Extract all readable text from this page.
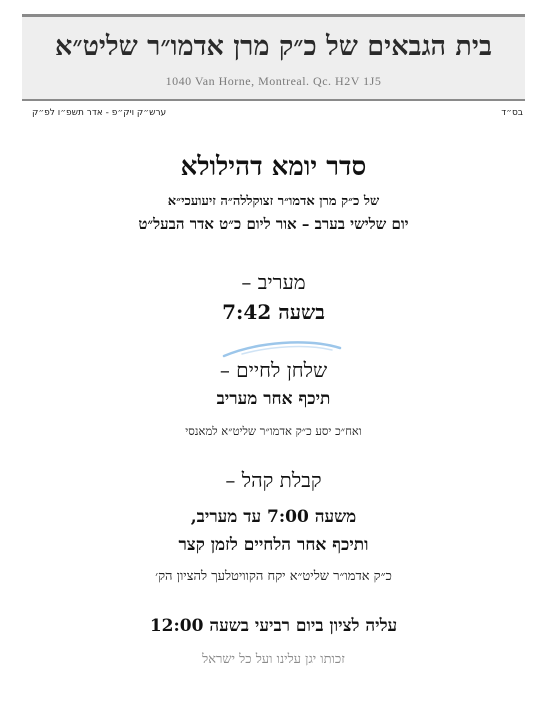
בית הגבאים של כ״ק מרן אדמו״ר שליט״א
1040 Van Horne, Montreal. Qc. H2V 1J5
ערש״ק ויק״פ - אדר תשפ״ו לפ״ק	בס״ד
סדר יומא דהילולא
של כ״ק מרן אדמו״ר זצוקללה״ה זיעועכי״א
יום שלישי בערב – אור ליום כ״ט אדר הבעל״ט
מעריב –
בשעה 7:42
שלחן לחיים –
תיכף אחר מעריב
ואח״כ יסע כ״ק אדמו״ר שליט״א למאנסי
קבלת קהל –
משעה 7:00 עד מעריב,
ותיכף אחר הלחיים לזמן קצר
כ״ק אדמו״ר שליט״א יקח הקוויטלעך להציון הק׳
עליה לציון ביום רביעי בשעה 12:00
זכותו יגן עלינו ועל כל ישראל
